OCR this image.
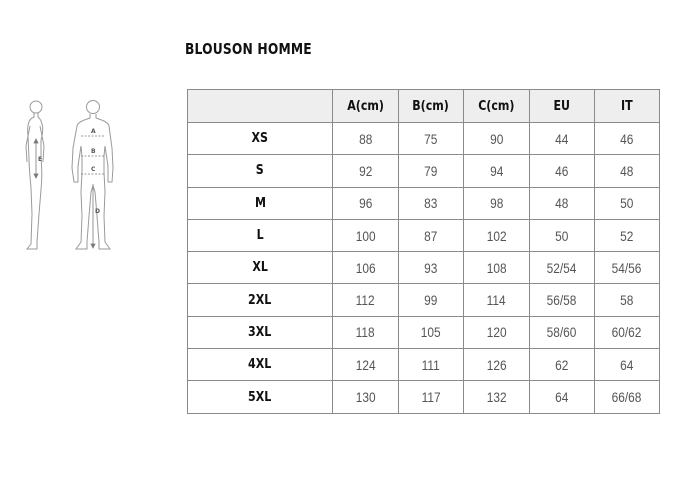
BLOUSON HOMME
A
B
C
D
E
	A(cm)	B(cm)	C(cm)	EU	IT
XS	88	75	90	44	46
S	92	79	94	46	48
M	96	83	98	48	50
L	100	87	102	50	52
XL	106	93	108	52/54	54/56
2XL	112	99	114	56/58	58
3XL	118	105	120	58/60	60/62
4XL	124	111	126	62	64
5XL	130	117	132	64	66/68
